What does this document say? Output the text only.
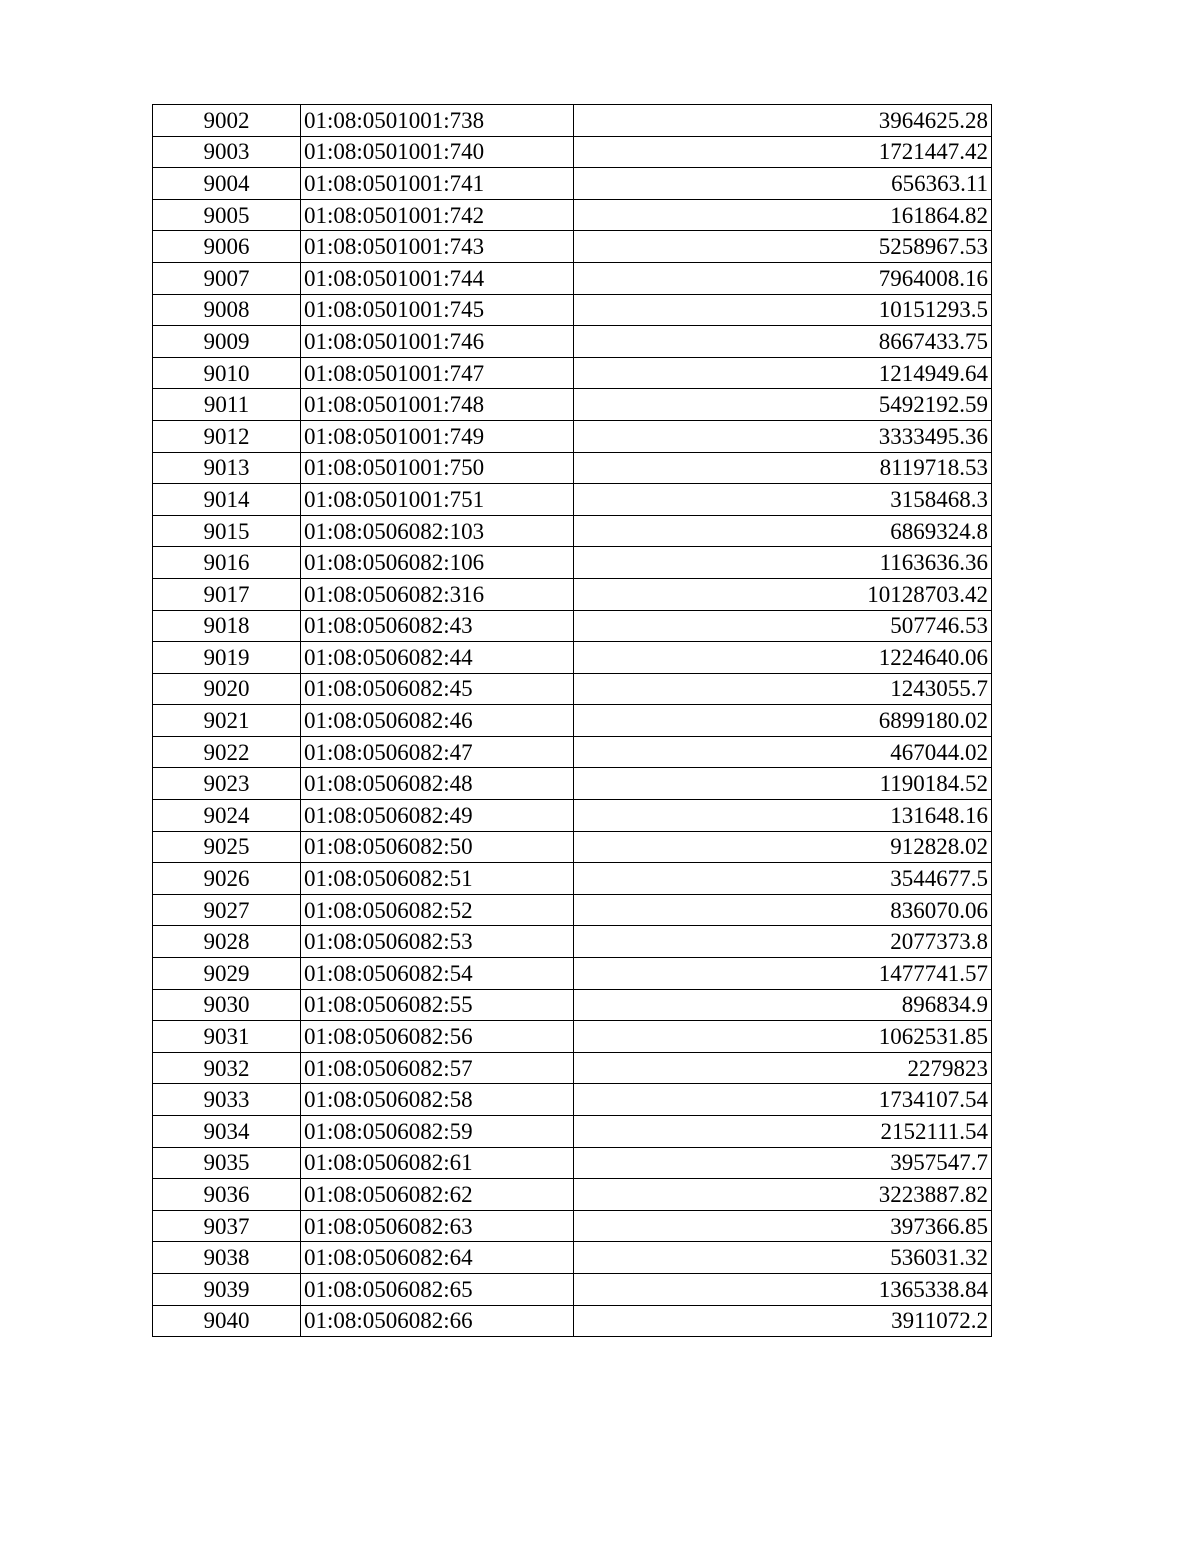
9002	01:08:0501001:738	3964625.28
9003	01:08:0501001:740	1721447.42
9004	01:08:0501001:741	656363.11
9005	01:08:0501001:742	161864.82
9006	01:08:0501001:743	5258967.53
9007	01:08:0501001:744	7964008.16
9008	01:08:0501001:745	10151293.5
9009	01:08:0501001:746	8667433.75
9010	01:08:0501001:747	1214949.64
9011	01:08:0501001:748	5492192.59
9012	01:08:0501001:749	3333495.36
9013	01:08:0501001:750	8119718.53
9014	01:08:0501001:751	3158468.3
9015	01:08:0506082:103	6869324.8
9016	01:08:0506082:106	1163636.36
9017	01:08:0506082:316	10128703.42
9018	01:08:0506082:43	507746.53
9019	01:08:0506082:44	1224640.06
9020	01:08:0506082:45	1243055.7
9021	01:08:0506082:46	6899180.02
9022	01:08:0506082:47	467044.02
9023	01:08:0506082:48	1190184.52
9024	01:08:0506082:49	131648.16
9025	01:08:0506082:50	912828.02
9026	01:08:0506082:51	3544677.5
9027	01:08:0506082:52	836070.06
9028	01:08:0506082:53	2077373.8
9029	01:08:0506082:54	1477741.57
9030	01:08:0506082:55	896834.9
9031	01:08:0506082:56	1062531.85
9032	01:08:0506082:57	2279823
9033	01:08:0506082:58	1734107.54
9034	01:08:0506082:59	2152111.54
9035	01:08:0506082:61	3957547.7
9036	01:08:0506082:62	3223887.82
9037	01:08:0506082:63	397366.85
9038	01:08:0506082:64	536031.32
9039	01:08:0506082:65	1365338.84
9040	01:08:0506082:66	3911072.2
